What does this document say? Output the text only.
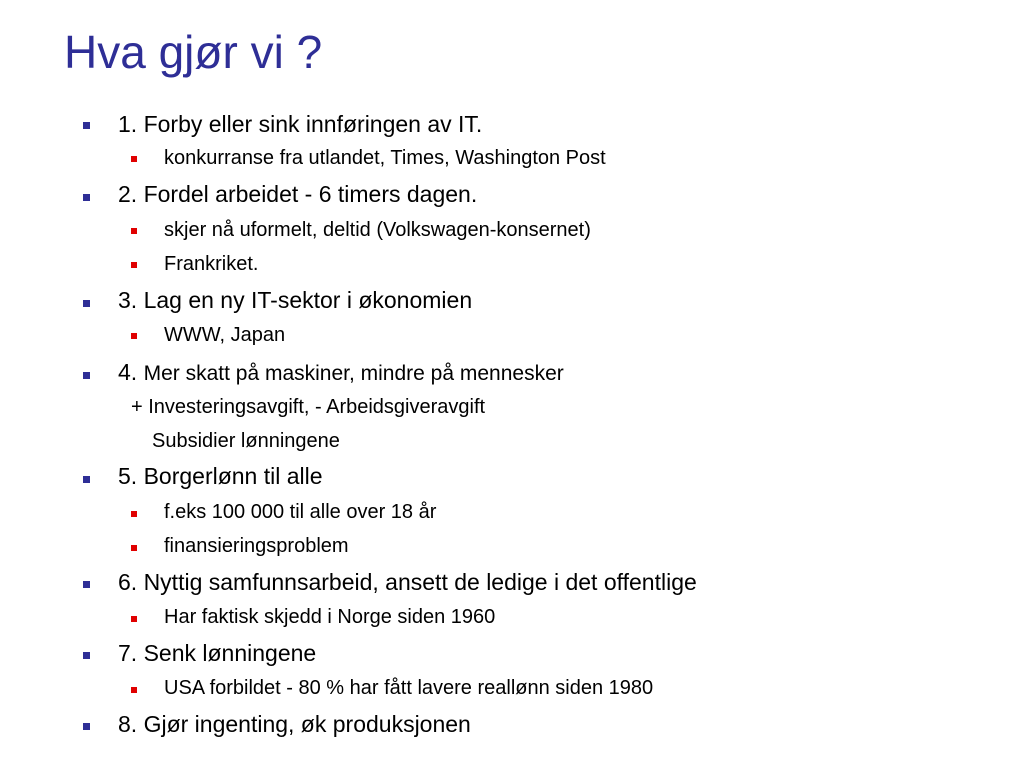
Hva gjør vi ?
1. Forby eller sink innføringen av IT.
konkurranse fra utlandet, Times, Washington Post
2. Fordel arbeidet - 6 timers dagen.
skjer nå uformelt, deltid (Volkswagen-konsernet)
Frankriket.
3. Lag en ny IT-sektor i økonomien
WWW, Japan
4. Mer skatt på maskiner, mindre på mennesker
+ Investeringsavgift, - Arbeidsgiveravgift
Subsidier lønningene
5. Borgerlønn til alle
f.eks 100 000 til alle over 18 år
finansieringsproblem
6. Nyttig samfunnsarbeid, ansett de ledige i det offentlige
Har faktisk skjedd i Norge siden 1960
7. Senk lønningene
USA forbildet - 80 % har fått lavere reallønn siden 1980
8. Gjør ingenting, øk produksjonen
